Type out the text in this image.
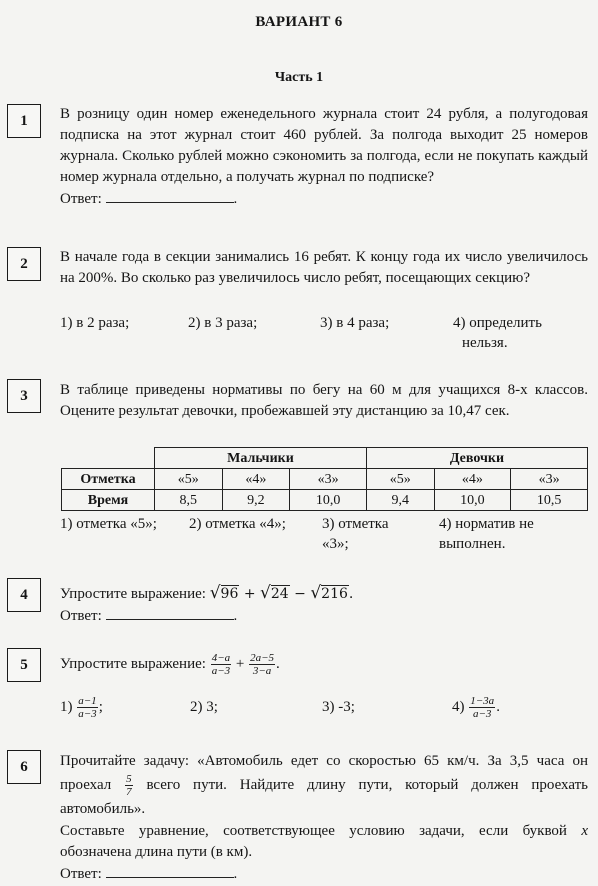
ВАРИАНТ 6
Часть 1
1	В розницу один номер еженедельного журнала стоит 24 рубля, а полугодовая подписка на этот журнал стоит 460 рублей. За полгода выходит 25 номеров журнала. Сколько рублей можно сэкономить за полгода, если не покупать каждый номер журнала отдельно, а получать журнал по подписке?

Ответ:	.
2	В начале года в секции занимались 16 ребят. К концу года их число увеличилось на 200%. Во сколько раз увеличилось число ребят, посещающих секцию?
1) в 2 раза;	2) в 3 раза;	3) в 4 раза;	4) определить
нельзя.
3	В таблице приведены нормативы по бегу на 60 м для учащихся 8-х классов. Оцените результат девочки, пробежавшей эту дистанцию за 10,47 сек.
	Мальчики			Девочки		
Отметка	«5»	«4»	«3»	«5»	«4»	«3»
Время	8,5	9,2	10,0	9,4	10,0	10,5
1) отметка «5»; 2) отметка «4»; 3) отметка
«3»;
4) норматив не
выполнен.
4	Упростите выражение: √96 + √24 − √216.
Ответ:	.
5	Упростите выражение: $\frac{4-a}{a-3} + \frac{2a-5}{3-a}$ .
$1) \frac{a-1}{a-3}$ ;	2) 3;	3) -3;	$4) \frac{1-3a}{a-3}$ .
6	Прочитайте задачу: «Автомобиль едет со скоростью 65 км/ч. За 3,5 часа он проехал $\frac{5}{7}$ всего пути. Найдите длину пути, который должен проехать автомобиль».
Составьте уравнение, соответствующее условию задачи, если буквой x обозначена длина пути (в км).
Ответ:	.
